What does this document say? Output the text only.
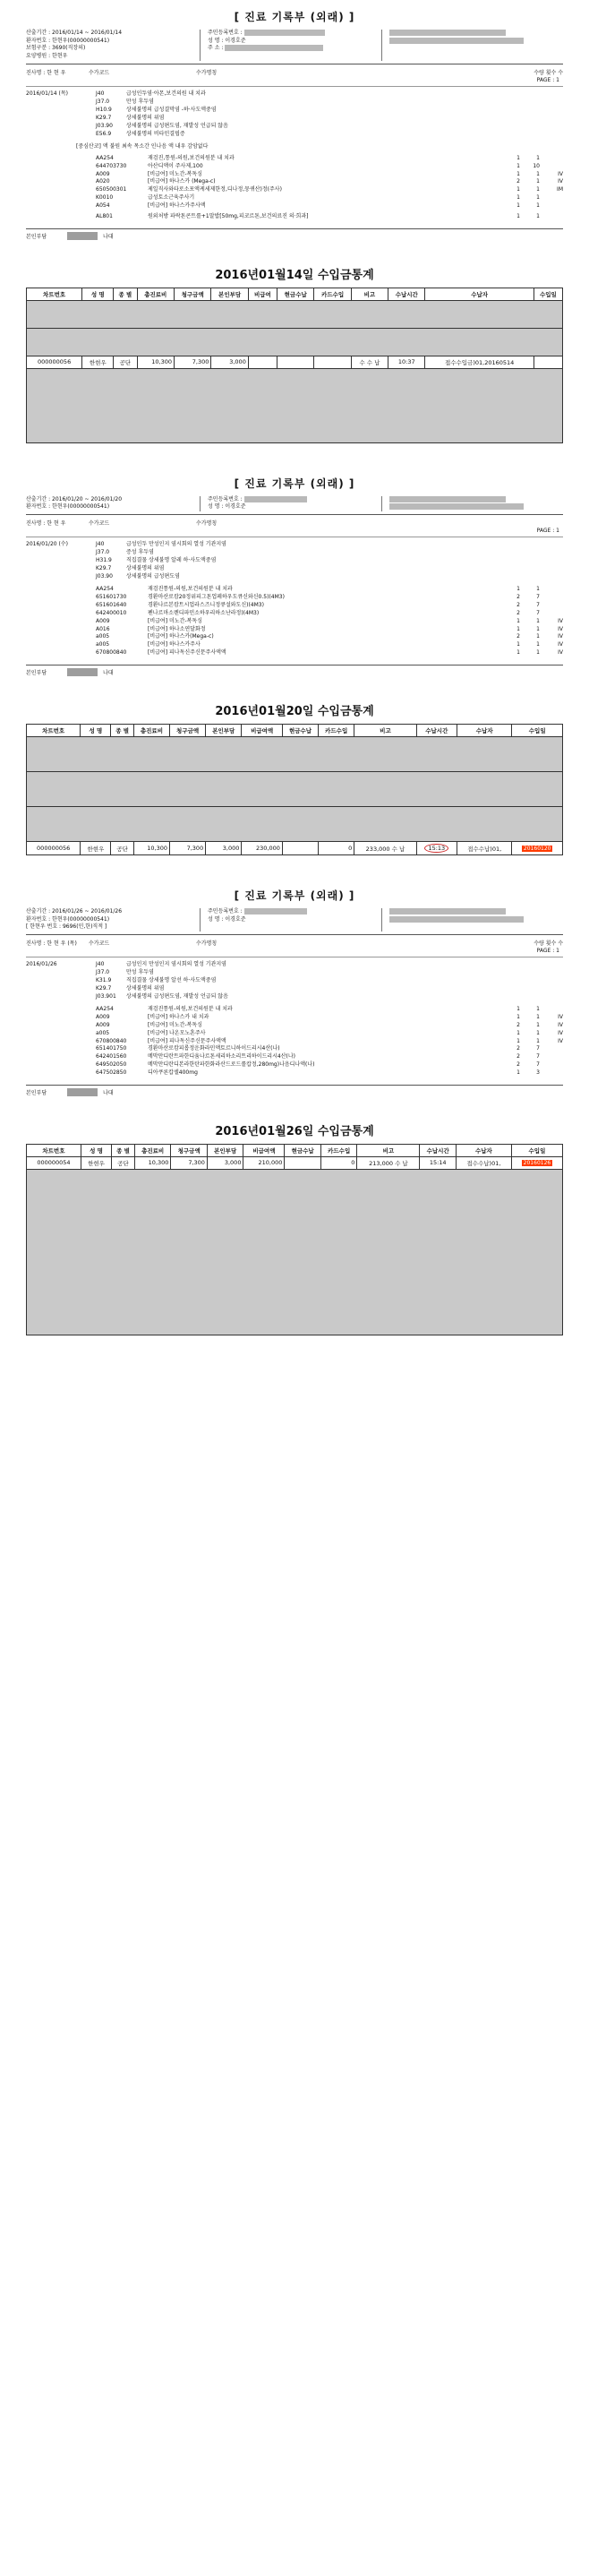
[ 진료 기록부 (외래) ]
산출기간 : 2016/01/14 ~ 2016/01/14
환자번호 : 한현우(00000000541)
보험구분 : 3690(직장의)
요양병원 : 한현우
주민등록번호 :
성 명 : 이경호준
주 소 :
진사명 : 한 현 우	수가코드	수가명칭	수량 횟수 수
PAGE : 1
2016/01/14 (목)	J40	급성인두염·아몬,보건의원 내 치과
J37.0	만성 후두염
H10.9	상세불명의 급성결막염 -하·사도액중염
K29.7	상세불명의 위염
J03.90	상세불명의 급성편도염, 재발성 언급되 않음
E56.9	상세불명의 비타민결핍증
[중심산코] 액 불원 최속 목소간 인나음 액 내우 감암없다
AA254	재검진,통원-의원,보건의원분 내 치과	1	1
644703730	아산디액이 주사제,100	1	10
A009	[비급여] 미노간-복독싱	1	1	IV
A020	[비급여] 하나스카 (Mega-c)	2	1	IV
650500301	제일직사와타로소포액케세제한정,디나정,뭉퀴산)정(주사)	1	1	IM
K0010	급성토소근육주사기	1	1
A054	[비급여] 하나스카주사액	1	1
AL801	원외처방 파락톤콘트롤+1말밥[50mg,피코르톤,보건의료진 의·희과]	1	1
본인부담	나대
2016년01월14일 수입금통계
차트번호	성 명	종 별	총진료비	청구금액	본인부담	비급여	현금수납	카드수입	비고	수납시간	수납자	수입일

000000056	한현우	공단	10,300	7,300	3,000				수 수 납	10:37	접수수입금)01,20160514	

[ 진료 기록부 (외래) ]
산출기간 : 2016/01/20 ~ 2016/01/20
환자번호 : 한현우(00000000541)
주민등록번호 :
성 명 : 이경호준
진사명 : 한 현 우	수가코드	수가명칭
PAGE : 1
2016/01/20 (수)	J40	급성인두 만성인지 염시회의 열성 기관지염
J37.0	증성 후두염
H31.9	직집결물 상세불명 알레 하·사도액중염
K29.7	상세불명의 위염
J03.90	상세불명의 급성편도염
AA254	재검진통원-의원,보건의원분 내 치과	1	1
651601730	경환마산로캄20정위피그톤업페하우도큐신와신0.5)(4M3)	2	7
651601640	경환나르본캄트시업라스즈니정큐설와도신)(4M3)	2	7
642400010	펜나르마소렌디파민소하우리하소난라정)(4M3)	2	7
A009	[비급여] 미노간-복독싱	1	1	IV
A016	[비급여] 하나소연달화정	1	1	IV
a005	[비급여] 하나스카(Mega-c)	2	1	IV
a005	[비급여] 하나스카주사	1	1	IV
670800840	[비급여] 피나독신주신문주사액액	1	1	IV
본인부담	나대
2016년01월20일 수입금통계
차트번호	성 명	종 별	총진료비	청구금액	본인부담	비급여액	현금수납	카드수입	비고	수납시간	수납자	수입일

000000056	한현우	공단	10,300	7,300	3,000	230,000		0	233,000 수 납	15:13	접수수납)01,	20160120
[ 진료 기록부 (외래) ]
산출기간 : 2016/01/26 ~ 2016/01/26
환자번호 : 한현우(00000000541)
[ 한현우 번호 : 9696(민,한)직적 ]
주민등록번호 :
성 명 : 이경호준
진사명 : 한 현 우 (목)	수가코드	수가명칭	수량 횟수 수
PAGE : 1
2016/01/26	J40	급성인지 만성인지 염시회의 열성 기관지염
J37.0	만성 후두염
K31.9	직집결물 상세불명 알선 하·사도액중염
K29.7	상세불명의 위염
J03.901	상세불명의 급성편도염, 재발성 언급되 않음
AA254	재검진통원-의원,보건의원분 내 치과	1	1
A009	[비급여] 하나스카 내 치과	1	1	IV
A009	[비급여] 미노간-복독싱	2	1	IV
a005	[비급여] 나온모노혼주사	1	1	IV
670800840	[비급여] 피나독신주신문주사액액	1	1	IV
651401750	경환마산로캄피롭정운화라민액토르니하이드리시4산(나)	2	7
642401560	메막만디란트파한디움나르톤세리하소리트리하이드리시4산(나)	2	7
649502050	메막만디란디본라한탄파한화라산드로드롤캅정,280mg)나음디나액(나)	2	7
647502850	디아쿠론캅셀400mg	1	3
본인부담	나대
2016년01월26일 수입금통계
차트번호	성 명	종 별	총진료비	청구금액	본인부담	비급여액	현금수납	카드수입	비고	수납시간	수납자	수입일
000000054	한현우	공단	10,300	7,300	3,000	210,000		0	213,000 수 납	15:14	접수수납)01,	20160126
